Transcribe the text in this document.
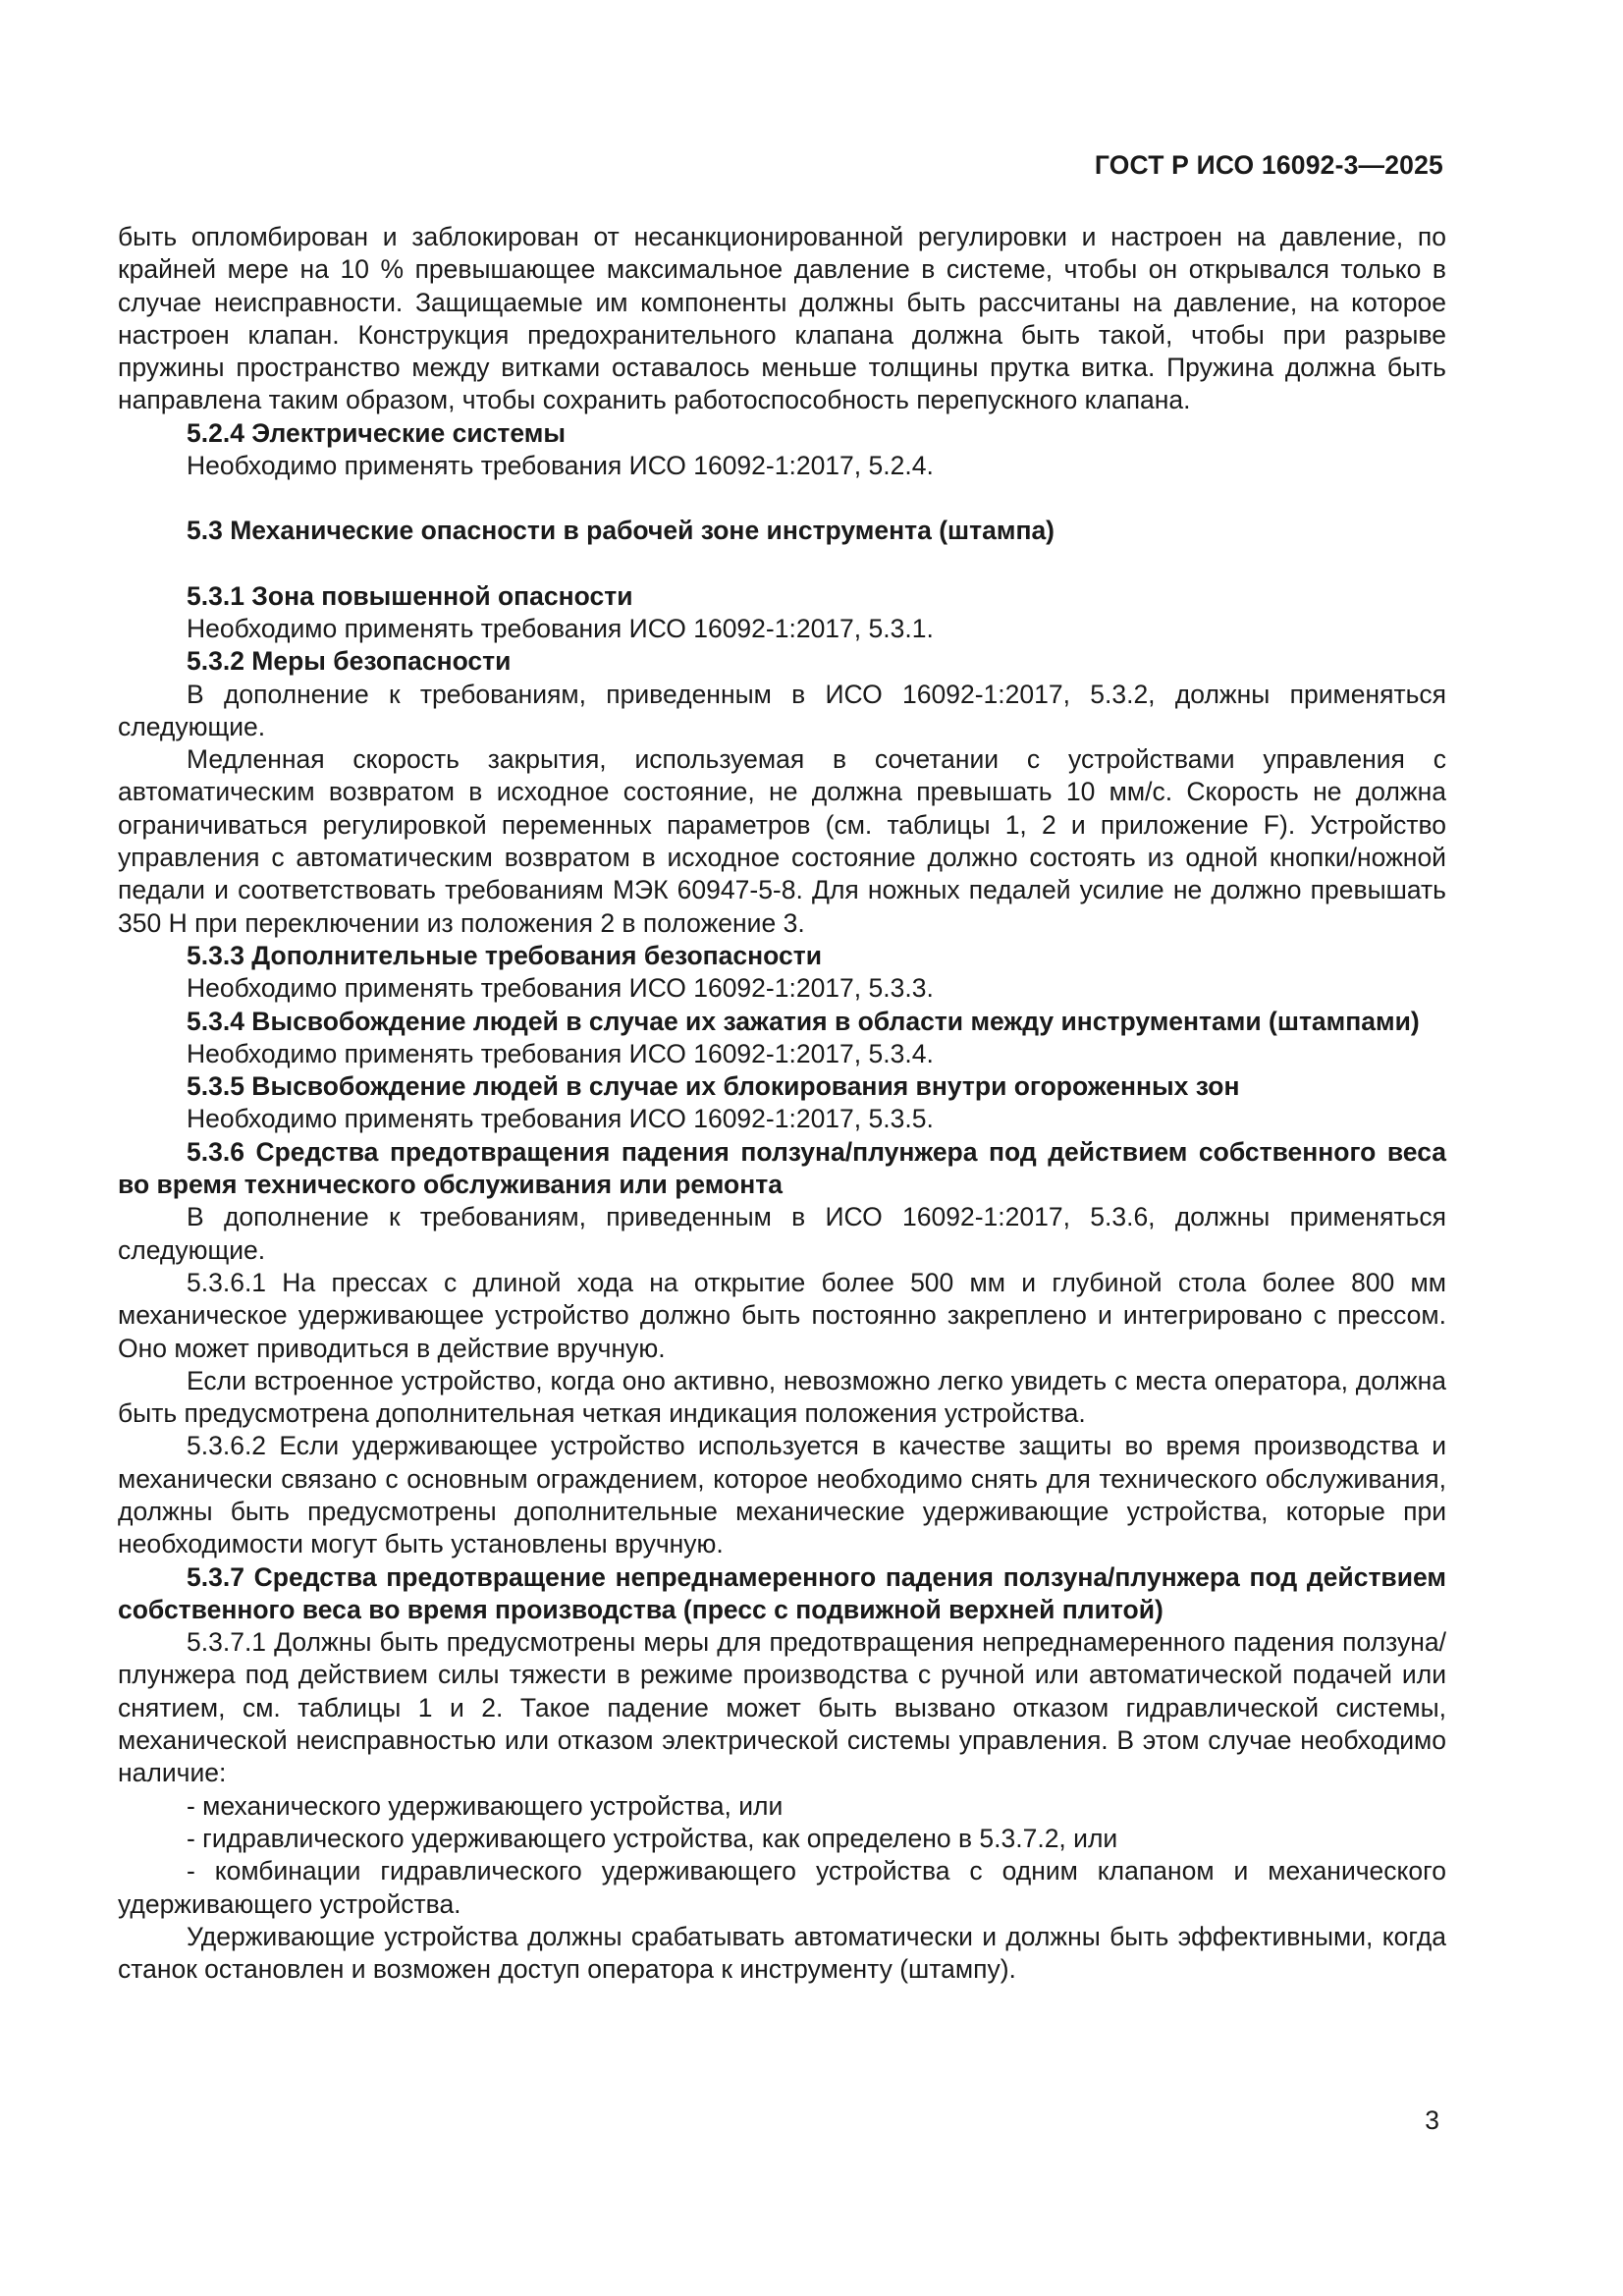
ГОСТ Р ИСО 16092-3—2025

быть опломбирован и заблокирован от несанкционированной регулировки и настроен на давление, по крайней мере на 10 % превышающее максимальное давление в системе, чтобы он открывался только в случае неисправности. Защищаемые им компоненты должны быть рассчитаны на давление, на которое настроен клапан. Конструкция предохранительного клапана должна быть такой, чтобы при разрыве пружины пространство между витками оставалось меньше толщины прутка витка. Пружина должна быть направлена таким образом, чтобы сохранить работоспособность перепускного клапана.

5.2.4 Электрические системы

Необходимо применять требования ИСО 16092-1:2017, 5.2.4.

5.3 Механические опасности в рабочей зоне инструмента (штампа)

5.3.1 Зона повышенной опасности

Необходимо применять требования ИСО 16092-1:2017, 5.3.1.

5.3.2 Меры безопасности

В дополнение к требованиям, приведенным в ИСО 16092-1:2017, 5.3.2, должны применяться следующие.

Медленная скорость закрытия, используемая в сочетании с устройствами управления с автоматическим возвратом в исходное состояние, не должна превышать 10 мм/с. Скорость не должна ограничиваться регулировкой переменных параметров (см. таблицы 1, 2 и приложение F). Устройство управления с автоматическим возвратом в исходное состояние должно состоять из одной кнопки/ножной педали и соответствовать требованиям МЭК 60947-5-8. Для ножных педалей усилие не должно превышать 350 Н при переключении из положения 2 в положение 3.

5.3.3 Дополнительные требования безопасности

Необходимо применять требования ИСО 16092-1:2017, 5.3.3.

5.3.4 Высвобождение людей в случае их зажатия в области между инструментами (штампами)

Необходимо применять требования ИСО 16092-1:2017, 5.3.4.

5.3.5 Высвобождение людей в случае их блокирования внутри огороженных зон

Необходимо применять требования ИСО 16092-1:2017, 5.3.5.

5.3.6 Средства предотвращения падения ползуна/плунжера под действием собственного веса во время технического обслуживания или ремонта

В дополнение к требованиям, приведенным в ИСО 16092-1:2017, 5.3.6, должны применяться следующие.

5.3.6.1 На прессах с длиной хода на открытие более 500 мм и глубиной стола более 800 мм механическое удерживающее устройство должно быть постоянно закреплено и интегрировано с прессом. Оно может приводиться в действие вручную.

Если встроенное устройство, когда оно активно, невозможно легко увидеть с места оператора, должна быть предусмотрена дополнительная четкая индикация положения устройства.

5.3.6.2 Если удерживающее устройство используется в качестве защиты во время производства и механически связано с основным ограждением, которое необходимо снять для технического обслуживания, должны быть предусмотрены дополнительные механические удерживающие устройства, которые при необходимости могут быть установлены вручную.

5.3.7 Средства предотвращение непреднамеренного падения ползуна/плунжера под действием собственного веса во время производства (пресс с подвижной верхней плитой)

5.3.7.1 Должны быть предусмотрены меры для предотвращения непреднамеренного падения ползуна/плунжера под действием силы тяжести в режиме производства с ручной или автоматической подачей или снятием, см. таблицы 1 и 2. Такое падение может быть вызвано отказом гидравлической системы, механической неисправностью или отказом электрической системы управления. В этом случае необходимо наличие:

- механического удерживающего устройства, или

- гидравлического удерживающего устройства, как определено в 5.3.7.2, или

- комбинации гидравлического удерживающего устройства с одним клапаном и механического удерживающего устройства.

Удерживающие устройства должны срабатывать автоматически и должны быть эффективными, когда станок остановлен и возможен доступ оператора к инструменту (штампу).

3
